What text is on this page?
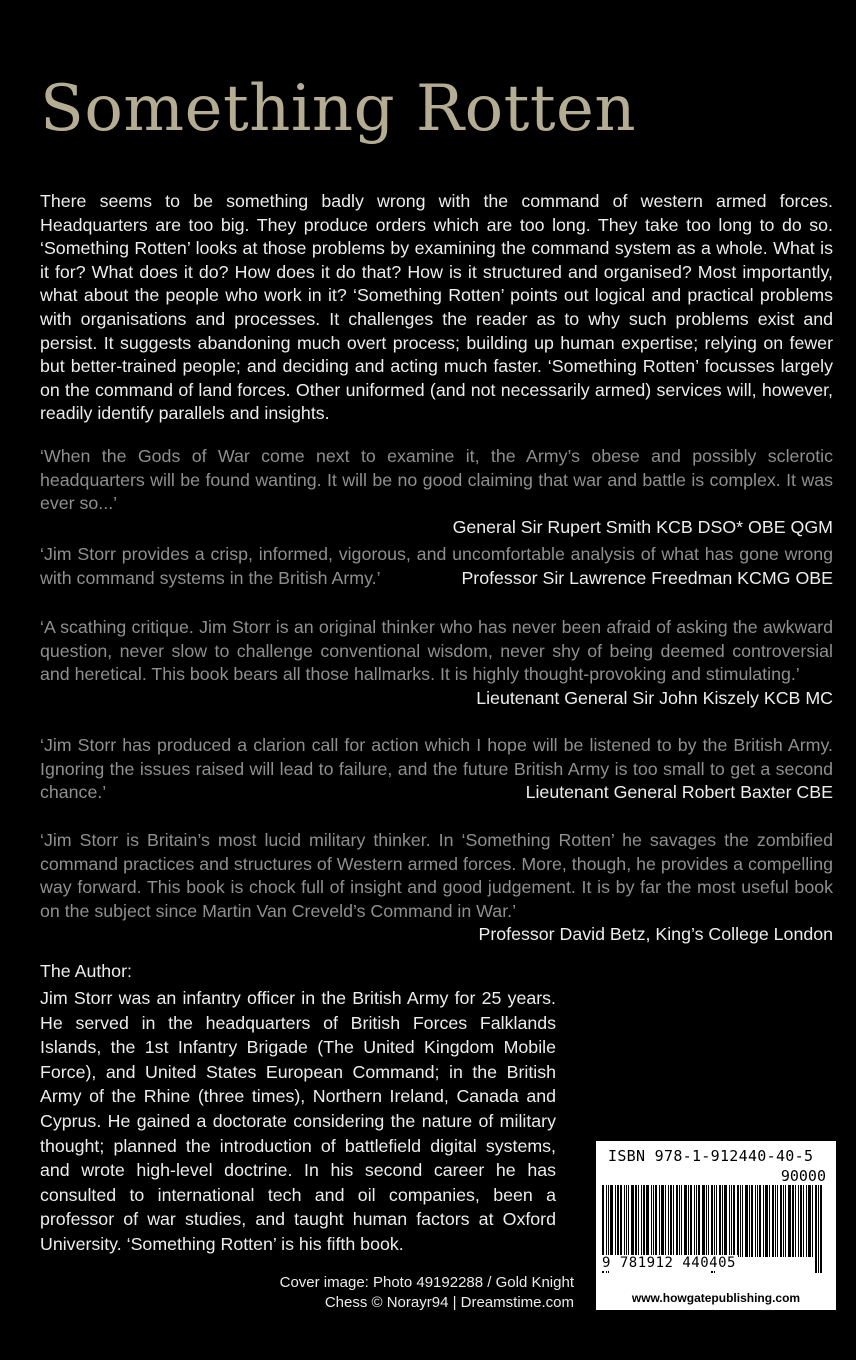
Something Rotten

There seems to be something badly wrong with the command of western armed forces. Headquarters are too big. They produce orders which are too long. They take too long to do so. ‘Something Rotten’ looks at those problems by examining the command system as a whole. What is it for? What does it do? How does it do that? How is it structured and organised? Most importantly, what about the people who work in it? ‘Something Rotten’ points out logical and practical problems with organisations and processes. It challenges the reader as to why such problems exist and persist. It suggests abandoning much overt process; building up human expertise; relying on fewer but better-trained people; and deciding and acting much faster. ‘Something Rotten’ focusses largely on the command of land forces. Other uniformed (and not necessarily armed) services will, however, readily identify parallels and insights.

‘When the Gods of War come next to examine it, the Army’s obese and possibly sclerotic headquarters will be found wanting. It will be no good claiming that war and battle is complex. It was ever so...’
General Sir Rupert Smith KCB DSO* OBE QGM
‘Jim Storr provides a crisp, informed, vigorous, and uncomfortable analysis of what has gone wrong with command systems in the British Army.’	Professor Sir Lawrence Freedman KCMG OBE
‘A scathing critique. Jim Storr is an original thinker who has never been afraid of asking the awkward question, never slow to challenge conventional wisdom, never shy of being deemed controversial and heretical. This book bears all those hallmarks. It is highly thought-provoking and stimulating.’
Lieutenant General Sir John Kiszely KCB MC
‘Jim Storr has produced a clarion call for action which I hope will be listened to by the British Army. Ignoring the issues raised will lead to failure, and the future British Army is too small to get a second chance.’	Lieutenant General Robert Baxter CBE
‘Jim Storr is Britain’s most lucid military thinker. In ‘Something Rotten’ he savages the zombified command practices and structures of Western armed forces. More, though, he provides a compelling way forward. This book is chock full of insight and good judgement. It is by far the most useful book on the subject since Martin Van Creveld’s Command in War.’
Professor David Betz, King’s College London
The Author:

Jim Storr was an infantry officer in the British Army for 25 years. He served in the headquarters of British Forces Falklands Islands, the 1st Infantry Brigade (The United Kingdom Mobile Force), and United States European Command; in the British Army of the Rhine (three times), Northern Ireland, Canada and Cyprus. He gained a doctorate considering the nature of military thought; planned the introduction of battlefield digital systems, and wrote high-level doctrine. In his second career he has consulted to international tech and oil companies, been a professor of war studies, and taught human factors at Oxford University. ‘Something Rotten’ is his fifth book.

Cover image: Photo 49192288 / Gold Knight
Chess © Norayr94 | Dreamstime.com
ISBN 978-1-912440-40-5
90000
9 781912 440405
www.howgatepublishing.com
